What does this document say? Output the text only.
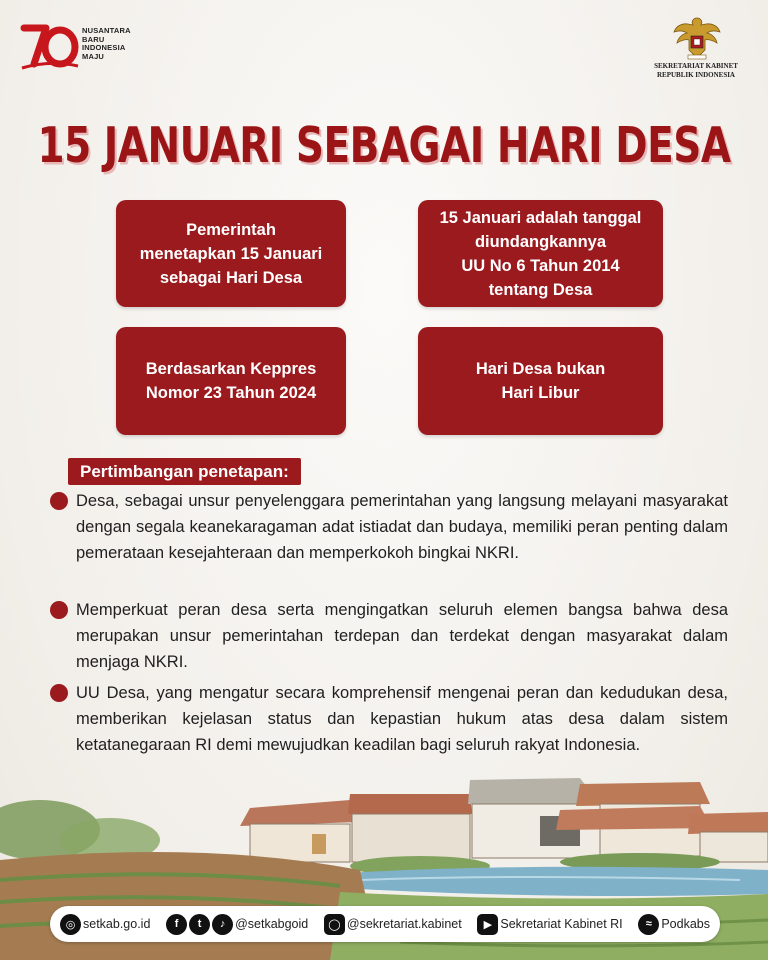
NUSANTARA
BARU
INDONESIA
MAJU
SEKRETARIAT KABINET
REPUBLIK INDONESIA
15 JANUARI SEBAGAI HARI DESA
Pemerintah
menetapkan 15 Januari
sebagai Hari Desa
15 Januari adalah tanggal
diundangkannya
UU No 6 Tahun 2014
tentang Desa
Berdasarkan Keppres
Nomor 23 Tahun 2024
Hari Desa bukan
Hari Libur
Pertimbangan penetapan:
Desa, sebagai unsur penyelenggara pemerintahan yang langsung melayani masyarakat dengan segala keanekaragaman adat istiadat dan budaya, memiliki peran penting dalam pemerataan kesejahteraan dan memperkokoh bingkai NKRI.
Memperkuat peran desa serta mengingatkan seluruh elemen bangsa bahwa desa merupakan unsur pemerintahan terdepan dan terdekat dengan masyarakat dalam menjaga NKRI.
UU Desa, yang mengatur secara komprehensif mengenai peran dan kedudukan desa, memberikan kejelasan status dan kepastian hukum atas desa dalam sistem ketatanegaraan RI demi mewujudkan keadilan bagi seluruh rakyat Indonesia.
◎ setkab.go.id	f	t	♪ @setkabgoid	◯ @sekretariat.kabinet	▶ Sekretariat Kabinet RI	≈ Podkabs
